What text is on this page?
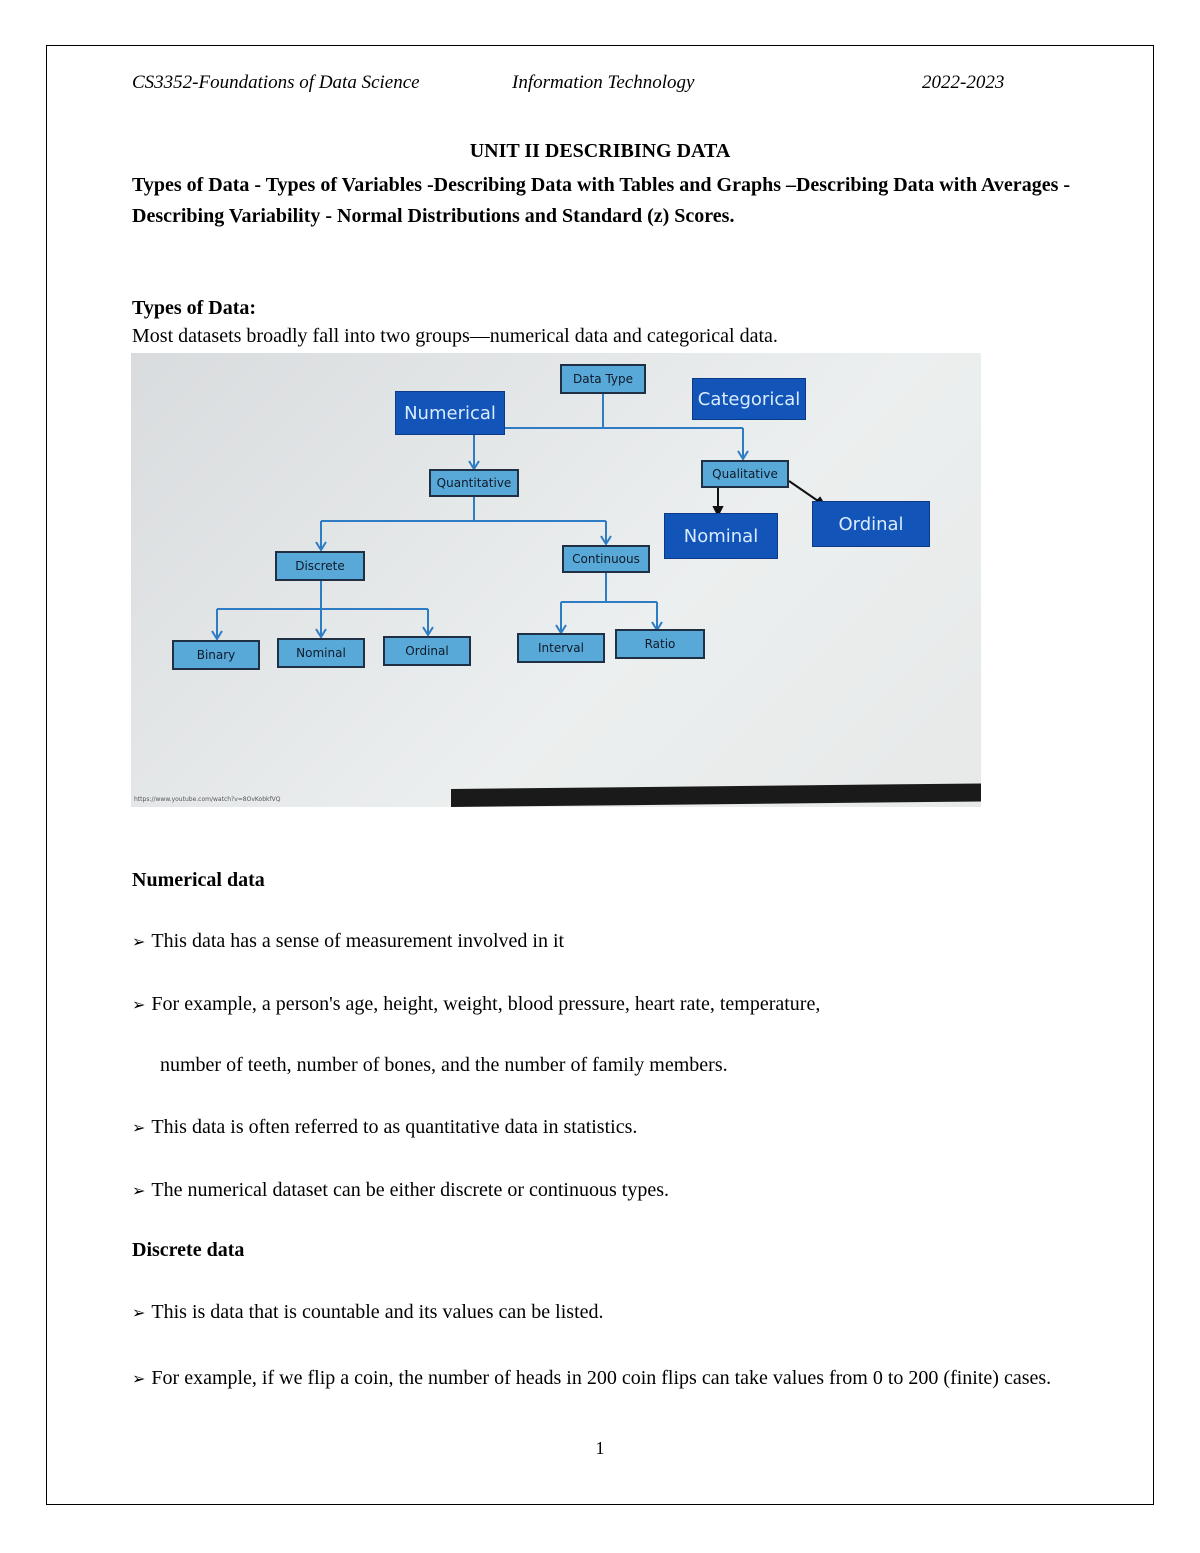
CS3352-Foundations of Data Science	Information Technology	2022-2023
UNIT II DESCRIBING DATA
Types of Data - Types of Variables -Describing Data with Tables and Graphs –Describing Data with Averages - Describing Variability - Normal Distributions and Standard (z) Scores.
Types of Data:
Most datasets broadly fall into two groups—numerical data and categorical data.
Data Type
Numerical
Categorical
Quantitative
Qualitative
Nominal
Ordinal
Discrete	Continuous
Binary	Nominal	Ordinal	Interval	Ratio
https://www.youtube.com/watch?v=8OvKobkfVQ
Numerical data
➢ This data has a sense of measurement involved in it
➢ For example, a person's age, height, weight, blood pressure, heart rate, temperature,
number of teeth, number of bones, and the number of family members.
➢ This data is often referred to as quantitative data in statistics.
➢ The numerical dataset can be either discrete or continuous types.
Discrete data
➢ This is data that is countable and its values can be listed.
➢ For example, if we flip a coin, the number of heads in 200 coin flips can take values from 0 to 200 (finite) cases.
1
